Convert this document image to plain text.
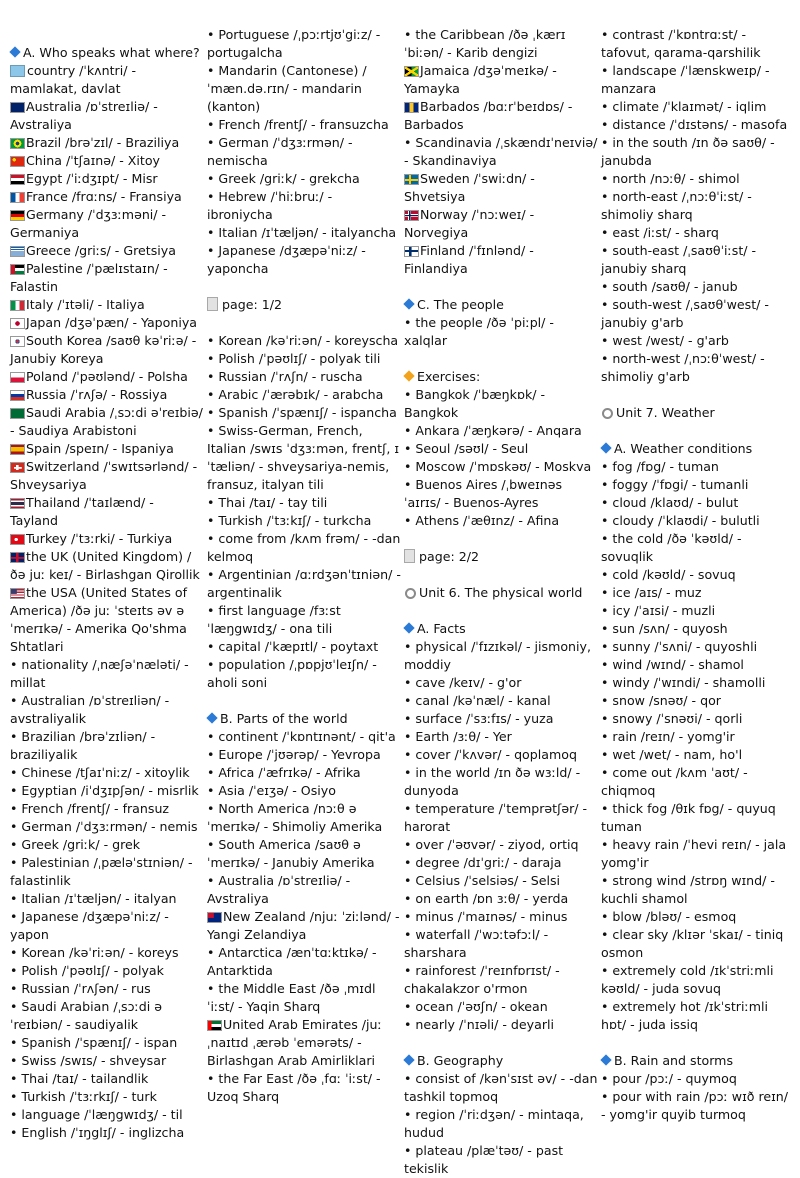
A. Who speaks what where?
country /ˈkʌntri/ - mamlakat, davlat
Australia /ɒˈstreɪliə/ - Avstraliya
Brazil /brəˈzɪl/ - Braziliya
China /ˈtʃaɪnə/ - Xitoy
Egypt /ˈiːdʒɪpt/ - Misr
France /frɑːns/ - Fransiya
Germany /ˈdʒɜːməni/ - Germaniya
Greece /griːs/ - Gretsiya
Palestine /ˈpælɪstaɪn/ - Falastin
Italy /ˈɪtəli/ - Italiya
Japan /dʒəˈpæn/ - Yaponiya
South Korea /saʊθ kəˈriːə/ - Janubiy Koreya
Poland /ˈpəʊlənd/ - Polsha
Russia /ˈrʌʃə/ - Rossiya
Saudi Arabia /ˌsɔːdi əˈreɪbiə/ - Saudiya Arabistoni
Spain /speɪn/ - Ispaniya
Switzerland /ˈswɪtsərlənd/ - Shveysariya
Thailand /ˈtaɪlænd/ - Tayland
Turkey /ˈtɜːrki/ - Turkiya
the UK (United Kingdom) /ðə juː keɪ/ - Birlashgan Qirollik
the USA (United States of America) /ðə juː ˈsteɪts əv ə ˈmerɪkə/ - Amerika Qo'shma Shtatlari
• nationality /ˌnæʃəˈnæləti/ - millat
• Australian /ɒˈstreɪliən/ - avstraliyalik
• Brazilian /brəˈzɪliən/ - braziliyalik
• Chinese /tʃaɪˈniːz/ - xitoylik
• Egyptian /iˈdʒɪpʃən/ - misrlik
• French /frentʃ/ - fransuz
• German /ˈdʒɜːrmən/ - nemis
• Greek /griːk/ - grek
• Palestinian /ˌpæləˈstɪniən/ - falastinlik
• Italian /ɪˈtæljən/ - italyan
• Japanese /dʒæpəˈniːz/ - yapon
• Korean /kəˈriːən/ - koreys
• Polish /ˈpəʊlɪʃ/ - polyak
• Russian /ˈrʌʃən/ - rus
• Saudi Arabian /ˌsɔːdi əˈreɪbiən/ - saudiyalik
• Spanish /ˈspænɪʃ/ - ispan
• Swiss /swɪs/ - shveysar
• Thai /taɪ/ - tailandlik
• Turkish /ˈtɜːrkɪʃ/ - turk
• language /ˈlæŋgwɪdʒ/ - til
• English /ˈɪŋglɪʃ/ - inglizcha
• Portuguese /ˌpɔːrtjʊˈgiːz/ - portugalcha
• Mandarin (Cantonese) /ˈmæn.də.rɪn/ - mandarin (kanton)
• French /frentʃ/ - fransuzcha
• German /ˈdʒɜːrmən/ - nemischa
• Greek /griːk/ - grekcha
• Hebrew /ˈhiːbruː/ - ibroniycha
• Italian /ɪˈtæljən/ - italyancha
• Japanese /dʒæpəˈniːz/ - yaponcha
page: 1/2
• Korean /kəˈriːən/ - koreyscha
• Polish /ˈpəʊlɪʃ/ - polyak tili
• Russian /ˈrʌʃn/ - ruscha
• Arabic /ˈærəbɪk/ - arabcha
• Spanish /ˈspænɪʃ/ - ispancha
• Swiss-German, French, Italian /swɪs ˈdʒɜːmən, frentʃ, ɪˈtæliən/ - shveysariya-nemis, fransuz, italyan tili
• Thai /taɪ/ - tay tili
• Turkish /ˈtɜːkɪʃ/ - turkcha
• come from /kʌm frəm/ - -dan kelmoq
• Argentinian /ɑːrdʒənˈtɪniən/ - argentinalik
• first language /fɜːst ˈlæŋgwɪdʒ/ - ona tili
• capital /ˈkæpɪtl/ - poytaxt
• population /ˌpɒpjʊˈleɪʃn/ - aholi soni
B. Parts of the world
• continent /ˈkɒntɪnənt/ - qit'a
• Europe /ˈjʊərəp/ - Yevropa
• Africa /ˈæfrɪkə/ - Afrika
• Asia /ˈeɪʒə/ - Osiyo
• North America /nɔːθ əˈmerɪkə/ - Shimoliy Amerika
• South America /saʊθ ə ˈmerɪkə/ - Janubiy Amerika
• Australia /ɒˈstreɪliə/ - Avstraliya
New Zealand /njuː ˈziːlənd/ - Yangi Zelandiya
• Antarctica /ænˈtɑːktɪkə/ - Antarktida
• the Middle East /ðə ˌmɪdl ˈiːst/ - Yaqin Sharq
United Arab Emirates /juːˌnaɪtɪd ˌærəb ˈemərəts/ - Birlashgan Arab Amirliklari
• the Far East /ðə ˌfɑː ˈiːst/ - Uzoq Sharq
• the Caribbean /ðə ˌkærɪˈbiːən/ - Karib dengizi
Jamaica /dʒəˈmeɪkə/ - Yamayka
Barbados /bɑːrˈbeɪdɒs/ - Barbados
• Scandinavia /ˌskændɪˈneɪviə/ - Skandinaviya
Sweden /ˈswiːdn/ - Shvetsiya
Norway /ˈnɔːweɪ/ - Norvegiya
Finland /ˈfɪnlənd/ - Finlandiya
C. The people
• the people /ðə ˈpiːpl/ - xalqlar
Exercises:
• Bangkok /ˈbæŋkɒk/ - Bangkok
• Ankara /ˈæŋkərə/ - Anqara
• Seoul /səʊl/ - Seul
• Moscow /ˈmɒskəʊ/ - Moskva
• Buenos Aires /ˌbweɪnəs ˈaɪrɪs/ - Buenos-Ayres
• Athens /ˈæθɪnz/ - Afina
page: 2/2
Unit 6. The physical world
A. Facts
• physical /ˈfɪzɪkəl/ - jismoniy, moddiy
• cave /keɪv/ - g'or
• canal /kəˈnæl/ - kanal
• surface /ˈsɜːfɪs/ - yuza
• Earth /ɜːθ/ - Yer
• cover /ˈkʌvər/ - qoplamoq
• in the world /ɪn ðə wɜːld/ - dunyoda
• temperature /ˈtemprətʃər/ - harorat
• over /ˈəʊvər/ - ziyod, ortiq
• degree /dɪˈgriː/ - daraja
• Celsius /ˈselsiəs/ - Selsi
• on earth /ɒn ɜːθ/ - yerda
• minus /ˈmaɪnəs/ - minus
• waterfall /ˈwɔːtəfɔːl/ - sharshara
• rainforest /ˈreɪnfɒrɪst/ - chakalakzor o'rmon
• ocean /ˈəʊʃn/ - okean
• nearly /ˈnɪəli/ - deyarli
B. Geography
• consist of /kənˈsɪst əv/ - -dan tashkil topmoq
• region /ˈriːdʒən/ - mintaqa, hudud
• plateau /plæˈtəʊ/ - past tekislik
• contrast /ˈkɒntrɑːst/ - tafovut, qarama-qarshilik
• landscape /ˈlænskweɪp/ - manzara
• climate /ˈklaɪmət/ - iqlim
• distance /ˈdɪstəns/ - masofa
• in the south /ɪn ðə saʊθ/ - janubda
• north /nɔːθ/ - shimol
• north-east /ˌnɔːθˈiːst/ - shimoliy sharq
• east /iːst/ - sharq
• south-east /ˌsaʊθˈiːst/ - janubiy sharq
• south /saʊθ/ - janub
• south-west /ˌsaʊθˈwest/ - janubiy g'arb
• west /west/ - g'arb
• north-west /ˌnɔːθˈwest/ - shimoliy g'arb
Unit 7. Weather
A. Weather conditions
• fog /fɒg/ - tuman
• foggy /ˈfɒgi/ - tumanli
• cloud /klaʊd/ - bulut
• cloudy /ˈklaʊdi/ - bulutli
• the cold /ðə ˈkəʊld/ - sovuqlik
• cold /kəʊld/ - sovuq
• ice /aɪs/ - muz
• icy /ˈaɪsi/ - muzli
• sun /sʌn/ - quyosh
• sunny /ˈsʌni/ - quyoshli
• wind /wɪnd/ - shamol
• windy /ˈwɪndi/ - shamolli
• snow /snəʊ/ - qor
• snowy /ˈsnəʊi/ - qorli
• rain /reɪn/ - yomg'ir
• wet /wet/ - nam, ho'l
• come out /kʌm ˈaʊt/ - chiqmoq
• thick fog /θɪk fɒg/ - quyuq tuman
• heavy rain /ˈhevi reɪn/ - jala yomg'ir
• strong wind /strɒŋ wɪnd/ - kuchli shamol
• blow /bləʊ/ - esmoq
• clear sky /klɪər ˈskaɪ/ - tiniq osmon
• extremely cold /ɪkˈstriːmli kəʊld/ - juda sovuq
• extremely hot /ɪkˈstriːmli hɒt/ - juda issiq
B. Rain and storms
• pour /pɔː/ - quymoq
• pour with rain /pɔː wɪð reɪn/ - yomg'ir quyib turmoq
